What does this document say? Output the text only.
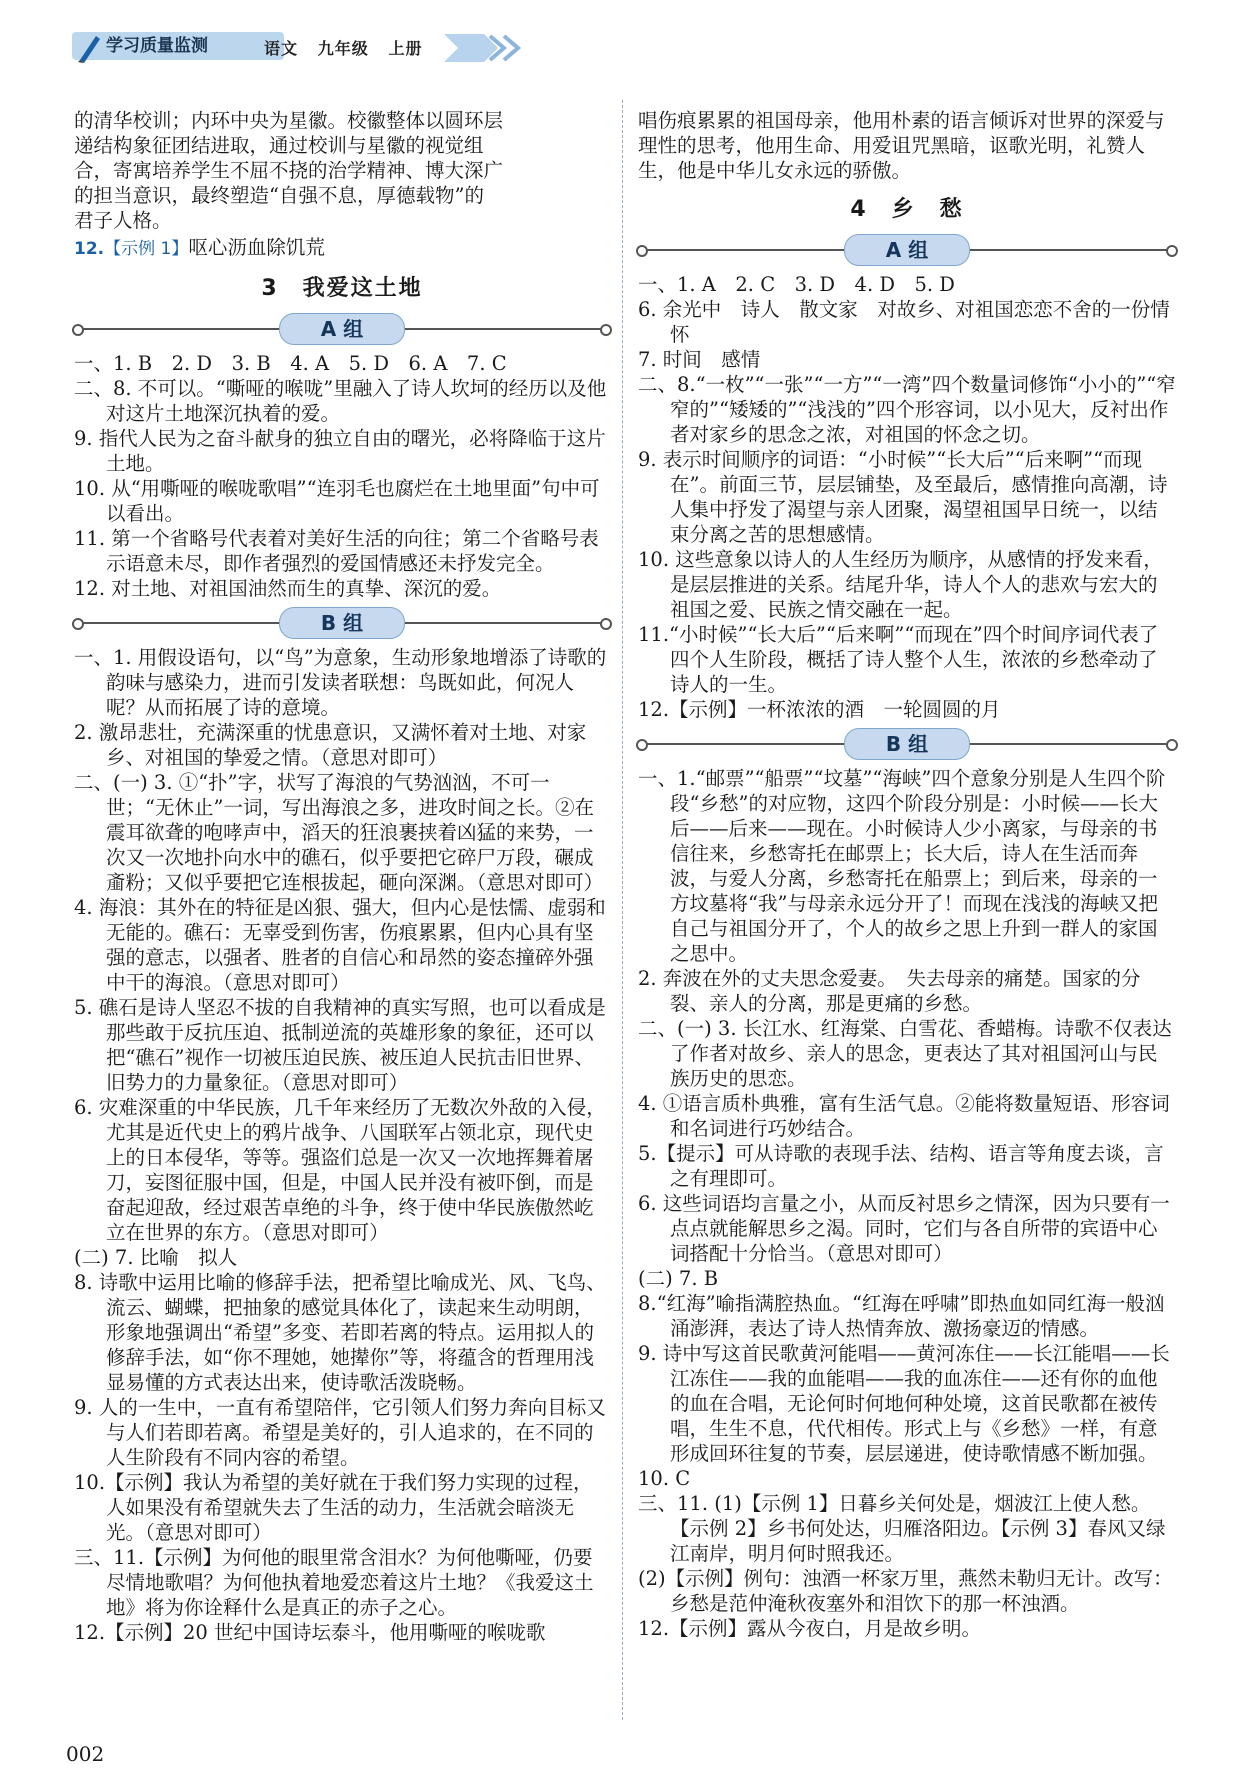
学习质量监测	语文 九年级 上册
的清华校训；内环中央为星徽。校徽整体以圆环层
递结构象征团结进取，通过校训与星徽的视觉组
合，寄寓培养学生不屈不挠的治学精神、博大深广
的担当意识，最终塑造“自强不息，厚德载物”的
君子人格。

12.【示例 1】呕心沥血除饥荒

3　我爱这土地
A 组

一、1. B　2. D　3. B　4. A　5. D　6. A　7. C

二、8. 不可以。“嘶哑的喉咙”里融入了诗人坎坷的经历以及他对这片土地深沉执着的爱。

9. 指代人民为之奋斗献身的独立自由的曙光，必将降临于这片土地。

10. 从“用嘶哑的喉咙歌唱”“连羽毛也腐烂在土地里面”句中可以看出。

11. 第一个省略号代表着对美好生活的向往；第二个省略号表示语意未尽，即作者强烈的爱国情感还未抒发完全。

12. 对土地、对祖国油然而生的真挚、深沉的爱。

B 组

一、1. 用假设语句，以“鸟”为意象，生动形象地增添了诗歌的韵味与感染力，进而引发读者联想：鸟既如此，何况人呢？从而拓展了诗的意境。

2. 激昂悲壮，充满深重的忧患意识，又满怀着对土地、对家乡、对祖国的挚爱之情。（意思对即可）

二、(一) 3. ①“扑”字，状写了海浪的气势汹汹，不可一世；“无休止”一词，写出海浪之多，进攻时间之长。②在震耳欲聋的咆哮声中，滔天的狂浪裹挟着凶猛的来势，一次又一次地扑向水中的礁石，似乎要把它碎尸万段，碾成齑粉；又似乎要把它连根拔起，砸向深渊。（意思对即可）

4. 海浪：其外在的特征是凶狠、强大，但内心是怯懦、虚弱和无能的。礁石：无辜受到伤害，伤痕累累，但内心具有坚强的意志，以强者、胜者的自信心和昂然的姿态撞碎外强中干的海浪。（意思对即可）

5. 礁石是诗人坚忍不拔的自我精神的真实写照，也可以看成是那些敢于反抗压迫、抵制逆流的英雄形象的象征，还可以把“礁石”视作一切被压迫民族、被压迫人民抗击旧世界、旧势力的力量象征。（意思对即可）

6. 灾难深重的中华民族，几千年来经历了无数次外敌的入侵，尤其是近代史上的鸦片战争、八国联军占领北京，现代史上的日本侵华，等等。强盗们总是一次又一次地挥舞着屠刀，妄图征服中国，但是，中国人民并没有被吓倒，而是奋起迎敌，经过艰苦卓绝的斗争，终于使中华民族傲然屹立在世界的东方。（意思对即可）

(二) 7. 比喻　拟人

8. 诗歌中运用比喻的修辞手法，把希望比喻成光、风、飞鸟、流云、蝴蝶，把抽象的感觉具体化了，读起来生动明朗，形象地强调出“希望”多变、若即若离的特点。运用拟人的修辞手法，如“你不理她，她撵你”等，将蕴含的哲理用浅显易懂的方式表达出来，使诗歌活泼晓畅。

9. 人的一生中，一直有希望陪伴，它引领人们努力奔向目标又与人们若即若离。希望是美好的，引人追求的，在不同的人生阶段有不同内容的希望。

10.【示例】我认为希望的美好就在于我们努力实现的过程，人如果没有希望就失去了生活的动力，生活就会暗淡无光。（意思对即可）

三、11.【示例】为何他的眼里常含泪水？为何他嘶哑，仍要尽情地歌唱？为何他执着地爱恋着这片土地？《我爱这土地》将为你诠释什么是真正的赤子之心。

12.【示例】20 世纪中国诗坛泰斗，他用嘶哑的喉咙歌

唱伤痕累累的祖国母亲，他用朴素的语言倾诉对世界的深爱与理性的思考，他用生命、用爱诅咒黑暗，讴歌光明，礼赞人生，他是中华儿女永远的骄傲。
4　乡　愁
A 组

一、1. A　2. C　3. D　4. D　5. D

6. 余光中　诗人　散文家　对故乡、对祖国恋恋不舍的一份情怀

7. 时间　感情

二、8.“一枚”“一张”“一方”“一湾”四个数量词修饰“小小的”“窄窄的”“矮矮的”“浅浅的”四个形容词，以小见大，反衬出作者对家乡的思念之浓，对祖国的怀念之切。

9. 表示时间顺序的词语：“小时候”“长大后”“后来啊”“而现在”。前面三节，层层铺垫，及至最后，感情推向高潮，诗人集中抒发了渴望与亲人团聚，渴望祖国早日统一，以结束分离之苦的思想感情。

10. 这些意象以诗人的人生经历为顺序，从感情的抒发来看，是层层推进的关系。结尾升华，诗人个人的悲欢与宏大的祖国之爱、民族之情交融在一起。

11.“小时候”“长大后”“后来啊”“而现在”四个时间序词代表了四个人生阶段，概括了诗人整个人生，浓浓的乡愁牵动了诗人的一生。

12.【示例】一杯浓浓的酒　一轮圆圆的月

B 组

一、1.“邮票”“船票”“坟墓”“海峡”四个意象分别是人生四个阶段“乡愁”的对应物，这四个阶段分别是：小时候——长大后——后来——现在。小时候诗人少小离家，与母亲的书信往来，乡愁寄托在邮票上；长大后，诗人在生活而奔波，与爱人分离，乡愁寄托在船票上；到后来，母亲的一方坟墓将“我”与母亲永远分开了！而现在浅浅的海峡又把自己与祖国分开了，个人的故乡之思上升到一群人的家国之思中。

2. 奔波在外的丈夫思念爱妻。　失去母亲的痛楚。国家的分裂、亲人的分离，那是更痛的乡愁。

二、(一) 3. 长江水、红海棠、白雪花、香蜡梅。诗歌不仅表达了作者对故乡、亲人的思念，更表达了其对祖国河山与民族历史的思恋。

4. ①语言质朴典雅，富有生活气息。②能将数量短语、形容词和名词进行巧妙结合。

5.【提示】可从诗歌的表现手法、结构、语言等角度去谈，言之有理即可。

6. 这些词语均言量之小，从而反衬思乡之情深，因为只要有一点点就能解思乡之渴。同时，它们与各自所带的宾语中心词搭配十分恰当。（意思对即可）

(二) 7. B

8.“红海”喻指满腔热血。“红海在呼啸”即热血如同红海一般汹涌澎湃，表达了诗人热情奔放、激扬豪迈的情感。

9. 诗中写这首民歌黄河能唱——黄河冻住——长江能唱——长江冻住——我的血能唱——我的血冻住——还有你的血他的血在合唱，无论何时何地何种处境，这首民歌都在被传唱，生生不息，代代相传。形式上与《乡愁》一样，有意形成回环往复的节奏，层层递进，使诗歌情感不断加强。

10. C

三、11. (1)【示例 1】日暮乡关何处是，烟波江上使人愁。【示例 2】乡书何处达，归雁洛阳边。【示例 3】春风又绿江南岸，明月何时照我还。

(2)【示例】例句：浊酒一杯家万里，燕然未勒归无计。改写：乡愁是范仲淹秋夜塞外和泪饮下的那一杯浊酒。

12.【示例】露从今夜白，月是故乡明。

002
